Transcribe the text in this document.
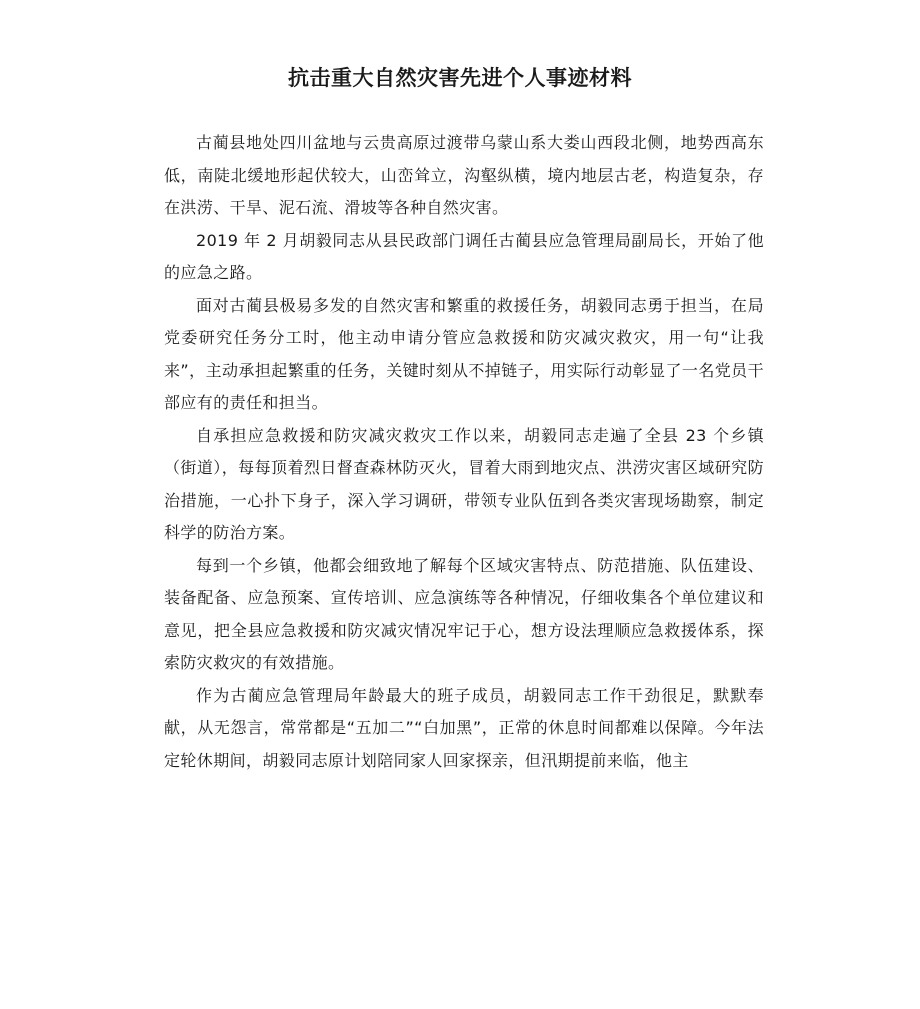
抗击重大自然灾害先进个人事迹材料

古蔺县地处四川盆地与云贵高原过渡带乌蒙山系大娄山西段北侧，地势西高东低，南陡北缓地形起伏较大，山峦耸立，沟壑纵横，境内地层古老，构造复杂，存在洪涝、干旱、泥石流、滑坡等各种自然灾害。

2019 年 2 月胡毅同志从县民政部门调任古蔺县应急管理局副局长，开始了他的应急之路。

面对古蔺县极易多发的自然灾害和繁重的救援任务，胡毅同志勇于担当，在局党委研究任务分工时，他主动申请分管应急救援和防灾减灾救灾，用一句“让我来”，主动承担起繁重的任务，关键时刻从不掉链子，用实际行动彰显了一名党员干部应有的责任和担当。

自承担应急救援和防灾减灾救灾工作以来，胡毅同志走遍了全县 23 个乡镇（街道），每每顶着烈日督查森林防灭火，冒着大雨到地灾点、洪涝灾害区域研究防治措施，一心扑下身子，深入学习调研，带领专业队伍到各类灾害现场勘察，制定科学的防治方案。

每到一个乡镇，他都会细致地了解每个区域灾害特点、防范措施、队伍建设、装备配备、应急预案、宣传培训、应急演练等各种情况，仔细收集各个单位建议和意见，把全县应急救援和防灾减灾情况牢记于心，想方设法理顺应急救援体系，探索防灾救灾的有效措施。

作为古蔺应急管理局年龄最大的班子成员，胡毅同志工作干劲很足，默默奉献，从无怨言，常常都是“五加二”“白加黑”，正常的休息时间都难以保障。今年法定轮休期间，胡毅同志原计划陪同家人回家探亲，但汛期提前来临，他主
